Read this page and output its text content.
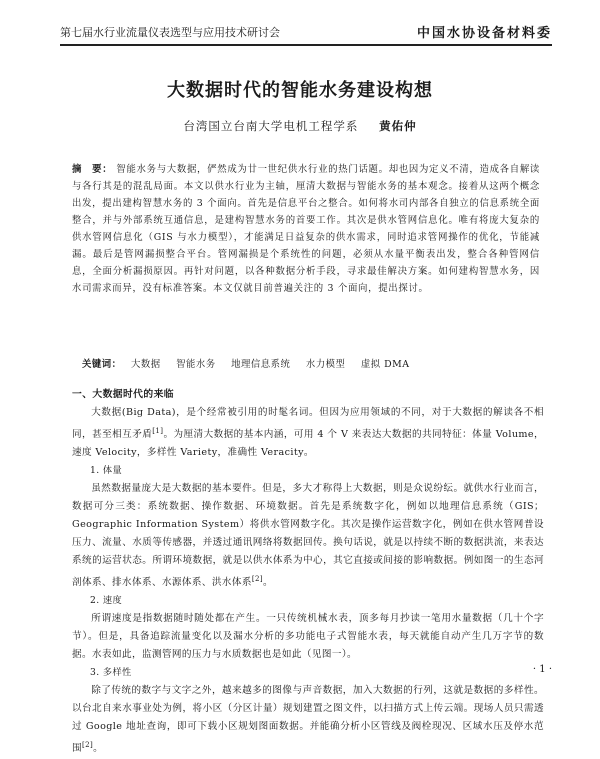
第七届水行业流量仪表选型与应用技术研讨会	中国水协设备材料委
大数据时代的智能水务建设构想
台湾国立台南大学电机工程学系 黄佑仲
摘　要： 智能水务与大数据，俨然成为廿一世纪供水行业的热门话题。却也因为定义不清，造成各自解读与各行其是的混乱局面。本文以供水行业为主轴，厘清大数据与智能水务的基本观念。接着从这两个概念出发，提出建构智慧水务的 3 个面向。首先是信息平台之整合。如何将水司内部各自独立的信息系统全面整合，并与外部系统互通信息，是建构智慧水务的首要工作。其次是供水管网信息化。唯有将庞大复杂的供水管网信息化（GIS 与水力模型），才能满足日益复杂的供水需求，同时追求管网操作的优化，节能减漏。最后是管网漏损整合平台。管网漏损是个系统性的问题，必须从水量平衡表出发，整合各种管网信息，全面分析漏损原因。再针对问题，以各种数据分析手段，寻求最佳解决方案。如何建构智慧水务，因水司需求而异，没有标准答案。本文仅就目前普遍关注的 3 个面向，提出探讨。
关键词： 大数据 智能水务 地理信息系统 水力模型 虚拟 DMA

一、大数据时代的来临

大数据(Big Data)，是个经常被引用的时髦名词。但因为应用领域的不同，对于大数据的解读各不相同，甚至相互矛盾[1]。为厘清大数据的基本内涵，可用 4 个 V 来表达大数据的共同特征：体量 Volume，速度 Velocity，多样性 Variety，准确性 Veracity。

1. 体量

虽然数据量庞大是大数据的基本要件。但是，多大才称得上大数据，则是众说纷纭。就供水行业而言，数据可分三类：系统数据、操作数据、环境数据。首先是系统数字化，例如以地理信息系统（GIS；Geographic Information System）将供水管网数字化。其次是操作运营数字化，例如在供水管网普设压力、流量、水质等传感器，并透过通讯网络将数据回传。换句话说，就是以持续不断的数据洪流，来表达系统的运营状态。所谓环境数据，就是以供水体系为中心，其它直接或间接的影响数据。例如图一的生态河剖体系、排水体系、水源体系、洪水体系[2]。

2. 速度

所谓速度是指数据随时随处都在产生。一只传统机械水表，顶多每月抄读一笔用水量数据（几十个字节）。但是，具备追踪流量变化以及漏水分析的多功能电子式智能水表，每天就能自动产生几万字节的数据。水表如此，监测管网的压力与水质数据也是如此（见图一）。

3. 多样性

除了传统的数字与文字之外，越来越多的图像与声音数据，加入大数据的行列，这就是数据的多样性。以台北自来水事业处为例，将小区（分区计量）规划建置之图文件，以扫描方式上传云端。现场人员只需透过 Google 地址查询，即可下载小区规划图面数据。并能确分析小区管线及阀栓现况、区域水压及停水范围[2]。

· 1 ·
